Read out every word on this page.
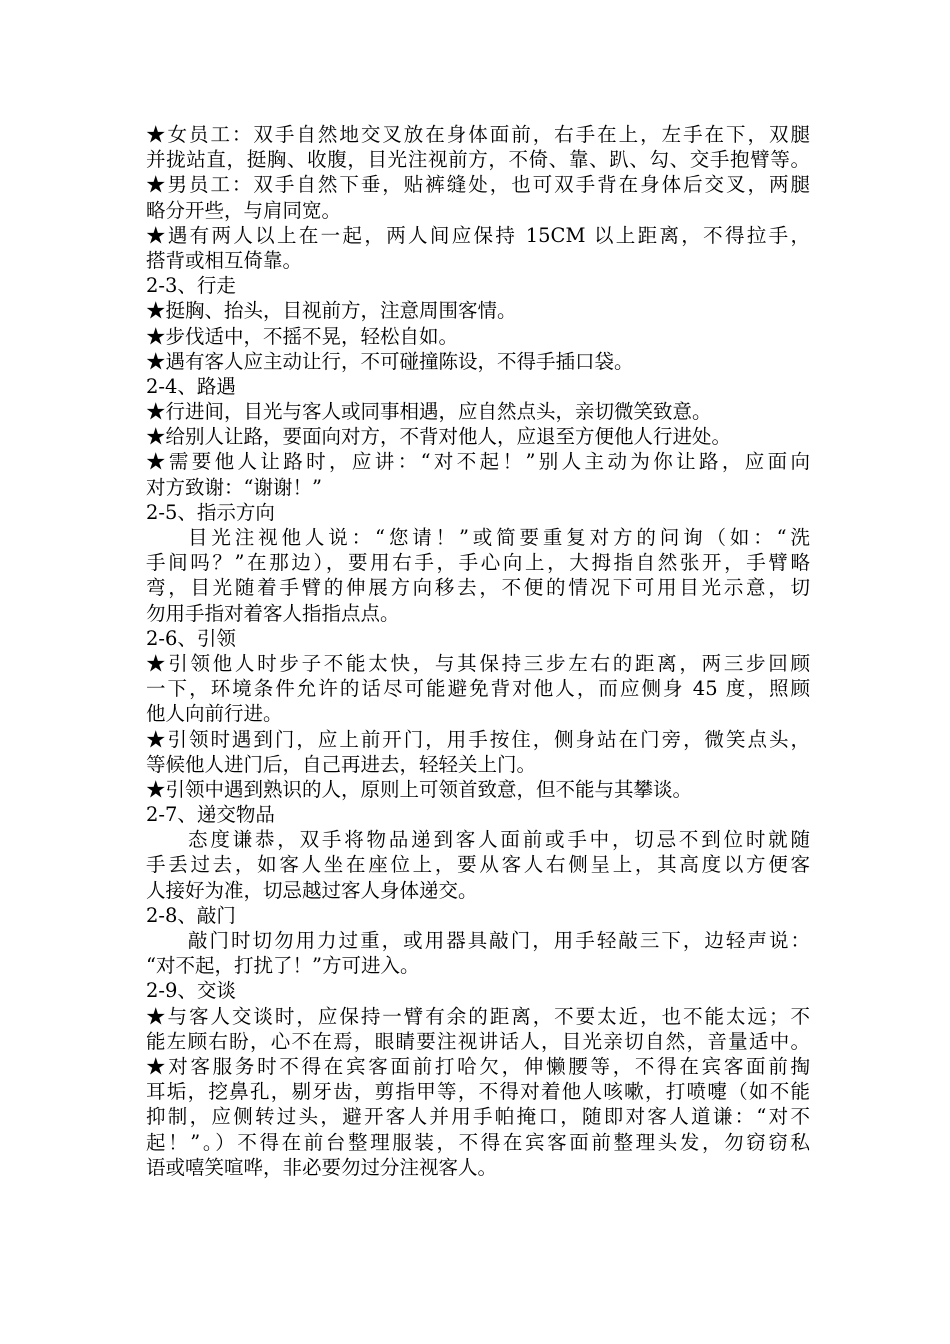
★女员工：双手自然地交叉放在身体面前，右手在上，左手在下，双腿
并拢站直，挺胸、收腹，目光注视前方，不倚、靠、趴、勾、交手抱臂等。
★男员工：双手自然下垂，贴裤缝处，也可双手背在身体后交叉，两腿
略分开些，与肩同宽。
★遇有两人以上在一起，两人间应保持 15CM 以上距离，不得拉手，
搭背或相互倚靠。
2-3、行走
★挺胸、抬头，目视前方，注意周围客情。
★步伐适中，不摇不晃，轻松自如。
★遇有客人应主动让行，不可碰撞陈设，不得手插口袋。
2-4、路遇
★行进间，目光与客人或同事相遇，应自然点头，亲切微笑致意。
★给别人让路，要面向对方，不背对他人，应退至方便他人行进处。
★需要他人让路时，应讲：“对不起！”别人主动为你让路，应面向
对方致谢：“谢谢！”
2-5、指示方向
目光注视他人说：“您请！”或简要重复对方的问询（如：“洗
手间吗？”在那边），要用右手，手心向上，大拇指自然张开，手臂略
弯，目光随着手臂的伸展方向移去，不便的情况下可用目光示意，切
勿用手指对着客人指指点点。
2-6、引领
★引领他人时步子不能太快，与其保持三步左右的距离，两三步回顾
一下，环境条件允许的话尽可能避免背对他人，而应侧身 45 度，照顾
他人向前行进。
★引领时遇到门，应上前开门，用手按住，侧身站在门旁，微笑点头，
等候他人进门后，自己再进去，轻轻关上门。
★引领中遇到熟识的人，原则上可领首致意，但不能与其攀谈。
2-7、递交物品
态度谦恭，双手将物品递到客人面前或手中，切忌不到位时就随
手丢过去，如客人坐在座位上，要从客人右侧呈上，其高度以方便客
人接好为准，切忌越过客人身体递交。
2-8、敲门
敲门时切勿用力过重，或用器具敲门，用手轻敲三下，边轻声说：
“对不起，打扰了！”方可进入。
2-9、交谈
★与客人交谈时，应保持一臂有余的距离，不要太近，也不能太远；不
能左顾右盼，心不在焉，眼睛要注视讲话人，目光亲切自然，音量适中。
★对客服务时不得在宾客面前打哈欠，伸懒腰等，不得在宾客面前掏
耳垢，挖鼻孔，剔牙齿，剪指甲等，不得对着他人咳嗽，打喷嚏（如不能
抑制，应侧转过头，避开客人并用手帕掩口，随即对客人道谦：“对不
起！”。）不得在前台整理服装，不得在宾客面前整理头发，勿窃窃私
语或嘻笑喧哗，非必要勿过分注视客人。
